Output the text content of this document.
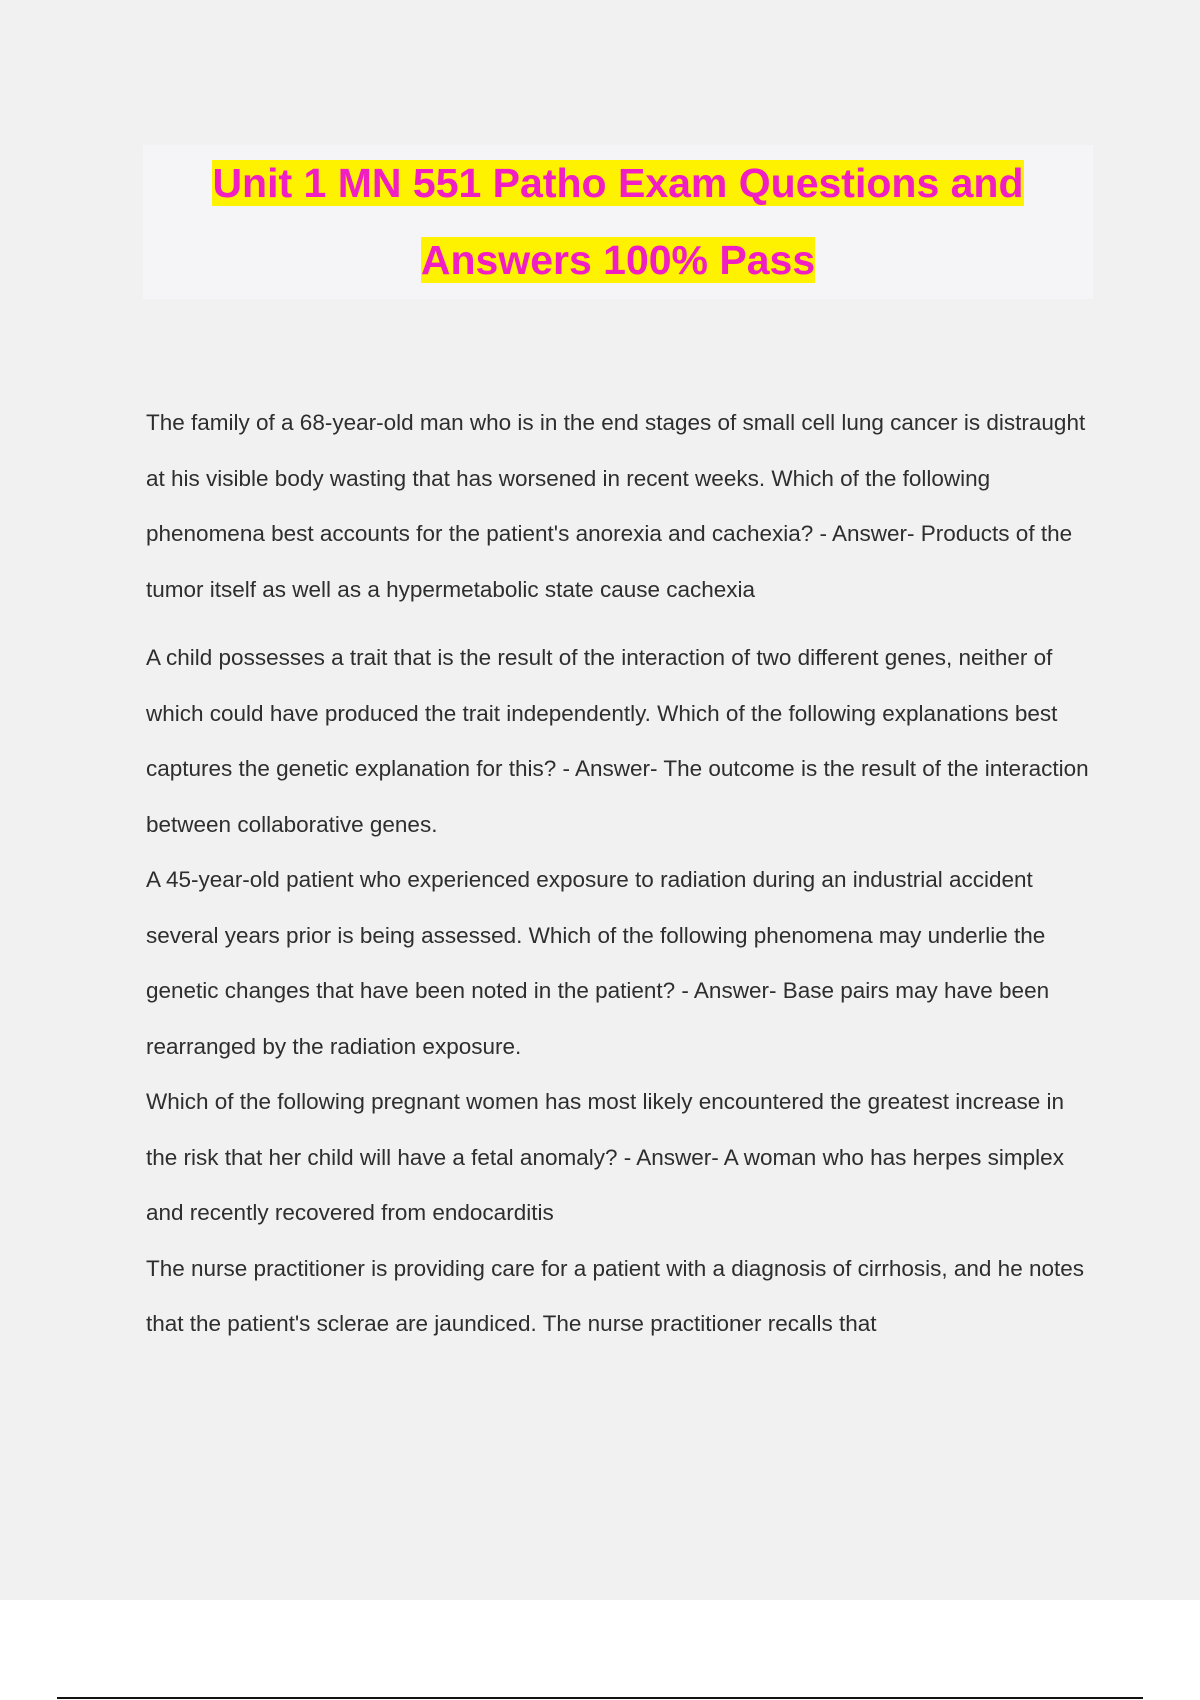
Unit 1 MN 551 Patho Exam Questions and
Answers 100% Pass

The family of a 68-year-old man who is in the end stages of small cell lung cancer is distraught at his visible body wasting that has worsened in recent weeks. Which of the following phenomena best accounts for the patient's anorexia and cachexia? - Answer- Products of the tumor itself as well as a hypermetabolic state cause cachexia

A child possesses a trait that is the result of the interaction of two different genes, neither of which could have produced the trait independently. Which of the following explanations best captures the genetic explanation for this? - Answer- The outcome is the result of the interaction between collaborative genes.

A 45-year-old patient who experienced exposure to radiation during an industrial accident several years prior is being assessed. Which of the following phenomena may underlie the genetic changes that have been noted in the patient? - Answer- Base pairs may have been rearranged by the radiation exposure.

Which of the following pregnant women has most likely encountered the greatest increase in the risk that her child will have a fetal anomaly? - Answer- A woman who has herpes simplex and recently recovered from endocarditis

The nurse practitioner is providing care for a patient with a diagnosis of cirrhosis, and he notes that the patient's sclerae are jaundiced. The nurse practitioner recalls that
